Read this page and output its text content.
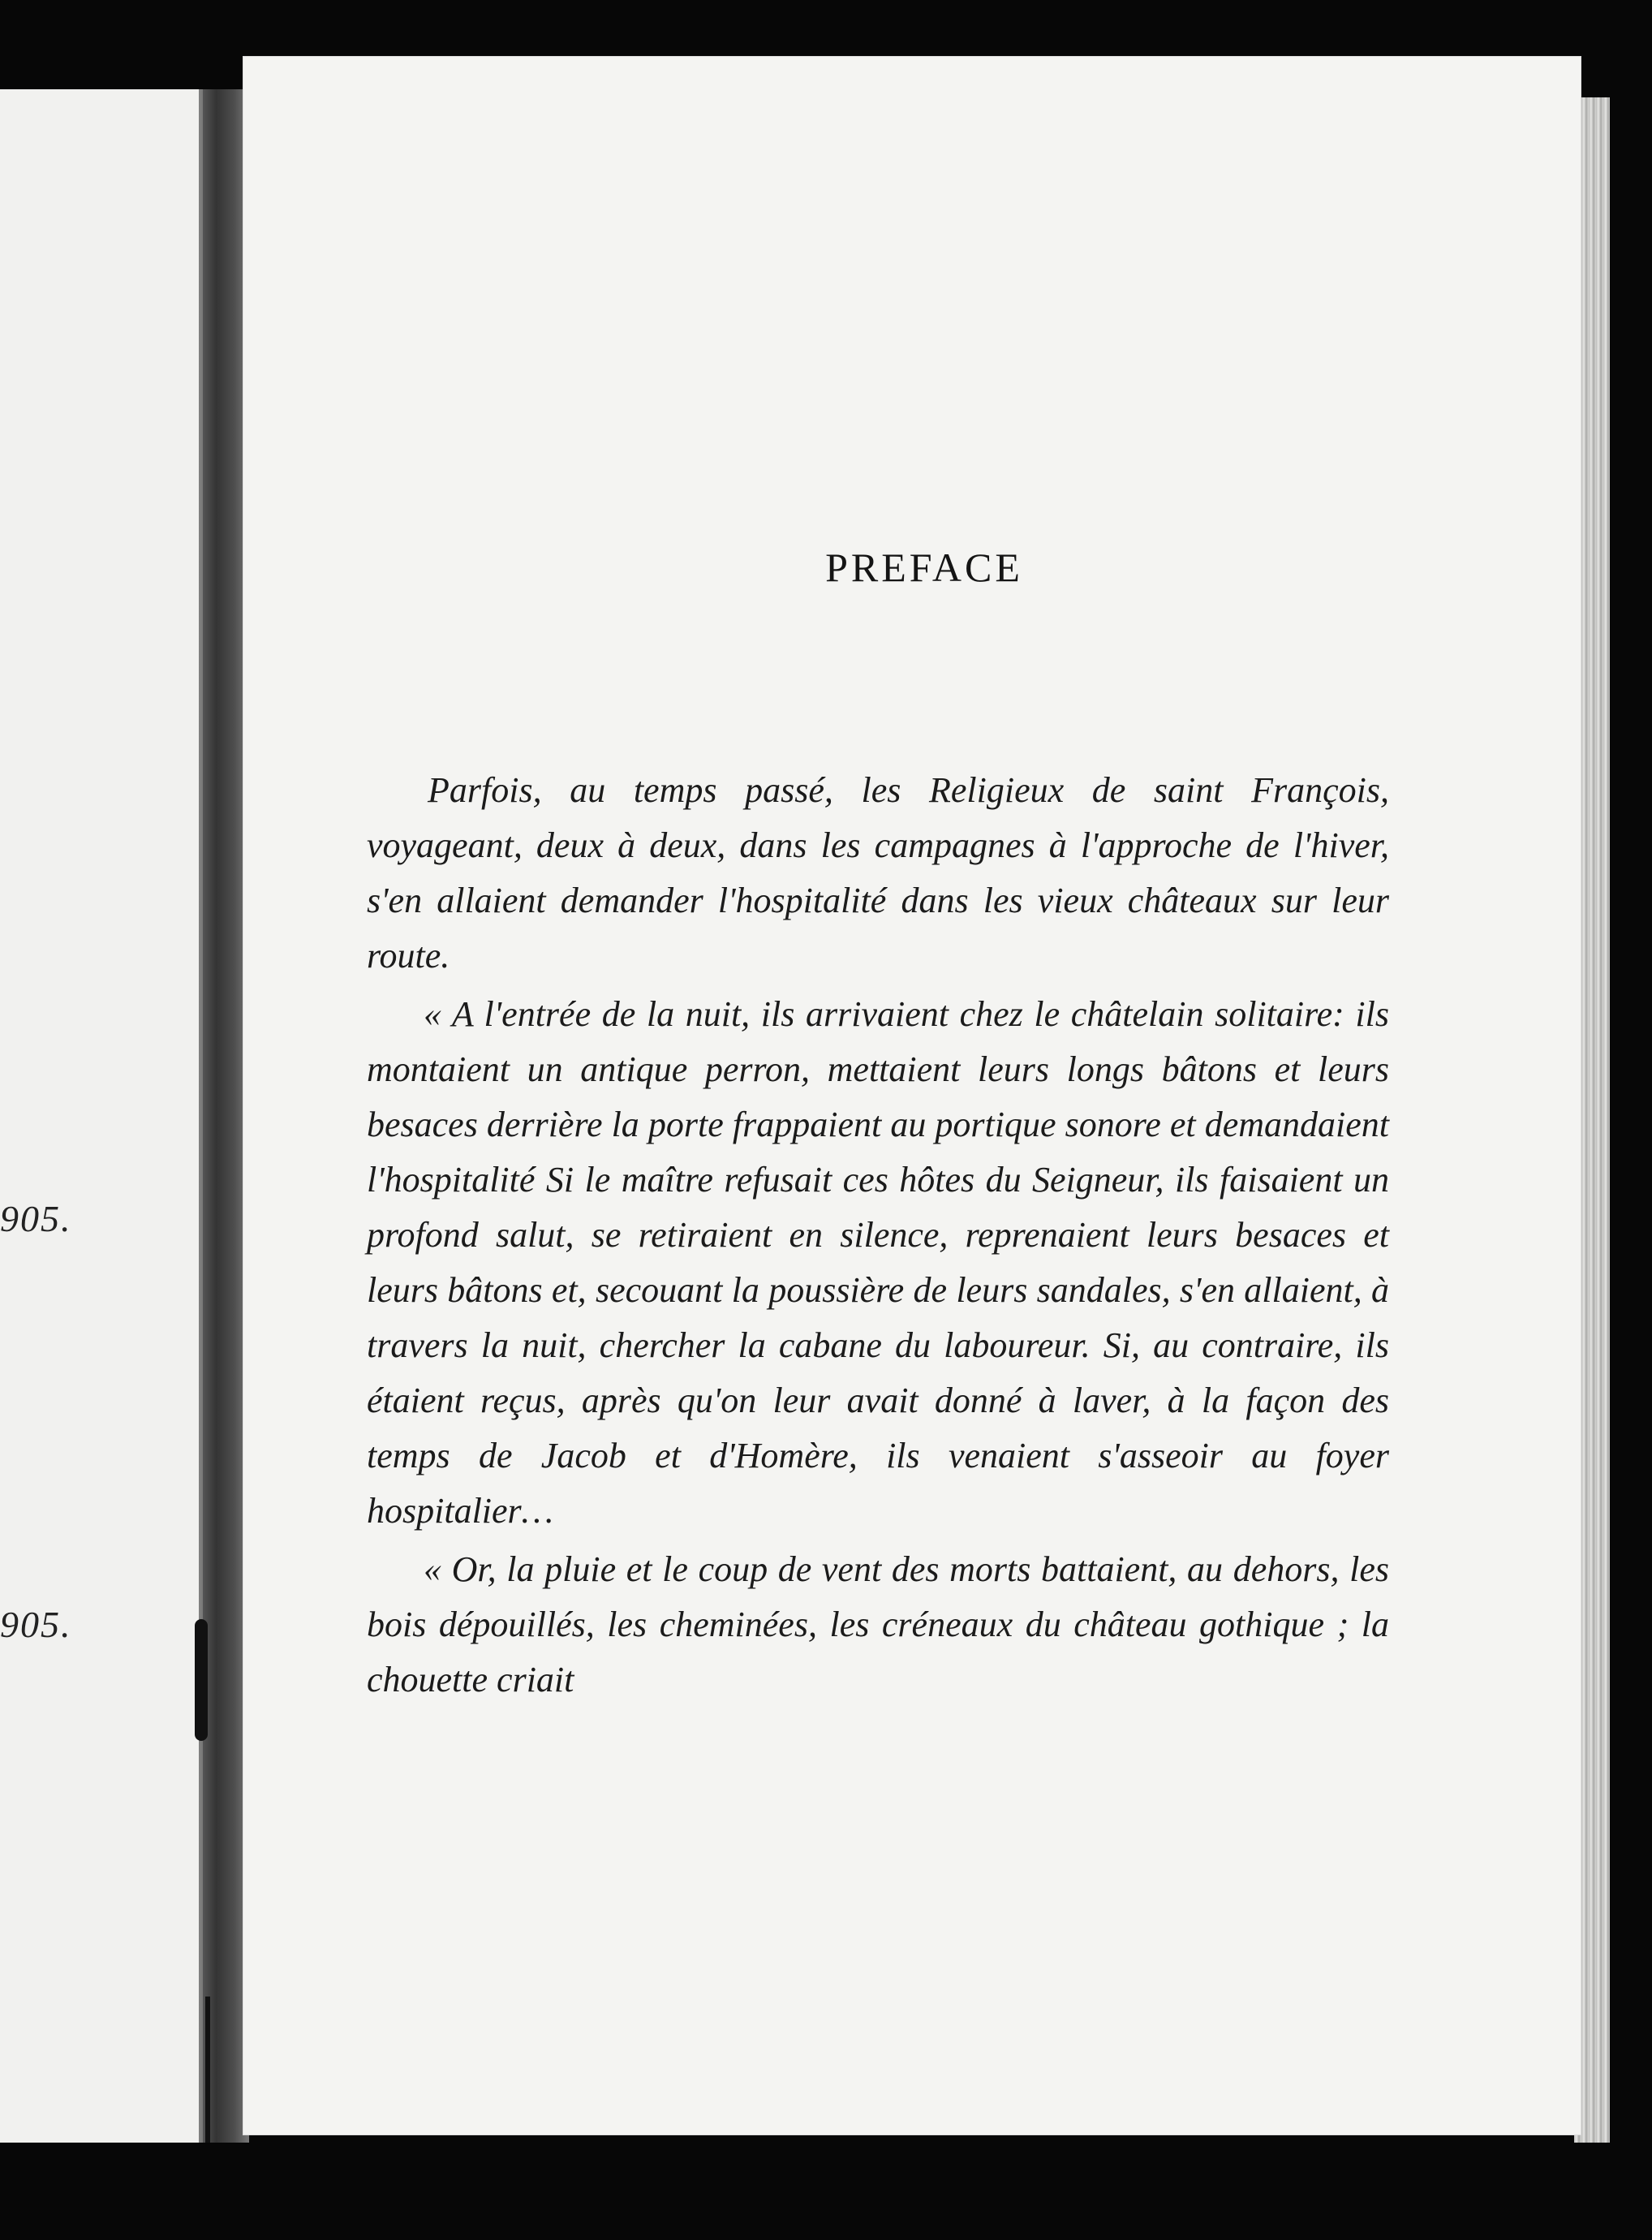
905.
905.
PREFACE

Parfois, au temps passé, les Religieux de saint François, voyageant, deux à deux, dans les campagnes à l'approche de l'hiver, s'en allaient demander l'hospitalité dans les vieux châteaux sur leur route.

« A l'entrée de la nuit, ils arrivaient chez le châtelain solitaire: ils montaient un antique perron, mettaient leurs longs bâtons et leurs besaces derrière la porte frappaient au portique sonore et demandaient l'hospitalité Si le maître refusait ces hôtes du Seigneur, ils faisaient un profond salut, se retiraient en silence, reprenaient leurs besaces et leurs bâtons et, secouant la poussière de leurs sandales, s'en allaient, à travers la nuit, chercher la cabane du laboureur. Si, au contraire, ils étaient reçus, après qu'on leur avait donné à laver, à la façon des temps de Jacob et d'Homère, ils venaient s'asseoir au foyer hospitalier…

« Or, la pluie et le coup de vent des morts battaient, au dehors, les bois dépouillés, les cheminées, les créneaux du château gothique ; la chouette criait
